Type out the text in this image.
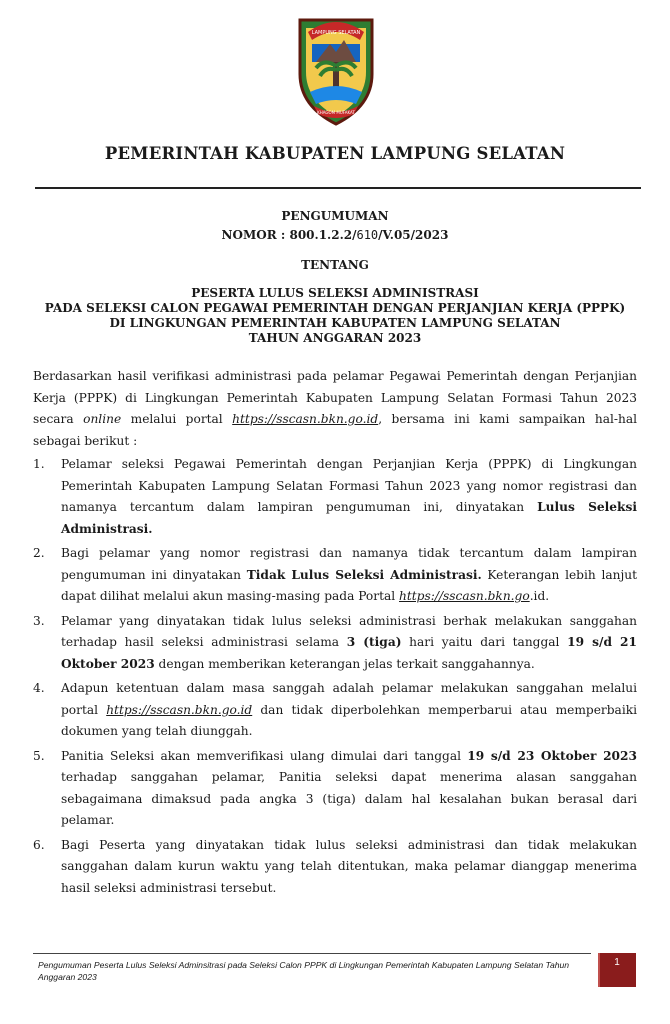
LAMPUNG SELATAN
KHAGOM MUFAKAT
PEMERINTAH KABUPATEN LAMPUNG SELATAN
PENGUMUMAN
NOMOR : 800.1.2.2/610/V.05/2023
TENTANG
PESERTA LULUS SELEKSI ADMINISTRASI
PADA SELEKSI CALON PEGAWAI PEMERINTAH DENGAN PERJANJIAN KERJA (PPPK)
DI LINGKUNGAN PEMERINTAH KABUPATEN LAMPUNG SELATAN
TAHUN ANGGARAN 2023
Berdasarkan hasil verifikasi administrasi pada pelamar Pegawai Pemerintah dengan Perjanjian Kerja (PPPK) di Lingkungan Pemerintah Kabupaten Lampung Selatan Formasi Tahun 2023 secara online melalui portal https://sscasn.bkn.go.id, bersama ini kami sampaikan hal-hal sebagai berikut :
1. Pelamar seleksi Pegawai Pemerintah dengan Perjanjian Kerja (PPPK) di Lingkungan Pemerintah Kabupaten Lampung Selatan Formasi Tahun 2023 yang nomor registrasi dan namanya tercantum dalam lampiran pengumuman ini, dinyatakan Lulus Seleksi Administrasi.
2. Bagi pelamar yang nomor registrasi dan namanya tidak tercantum dalam lampiran pengumuman ini dinyatakan Tidak Lulus Seleksi Administrasi. Keterangan lebih lanjut dapat dilihat melalui akun masing-masing pada Portal https://sscasn.bkn.go.id.
3. Pelamar yang dinyatakan tidak lulus seleksi administrasi berhak melakukan sanggahan terhadap hasil seleksi administrasi selama 3 (tiga) hari yaitu dari tanggal 19 s/d 21 Oktober 2023 dengan memberikan keterangan jelas terkait sanggahannya.
4. Adapun ketentuan dalam masa sanggah adalah pelamar melakukan sanggahan melalui portal https://sscasn.bkn.go.id dan tidak diperbolehkan memperbarui atau memperbaiki dokumen yang telah diunggah.
5. Panitia Seleksi akan memverifikasi ulang dimulai dari tanggal 19 s/d 23 Oktober 2023 terhadap sanggahan pelamar, Panitia seleksi dapat menerima alasan sanggahan sebagaimana dimaksud pada angka 3 (tiga) dalam hal kesalahan bukan berasal dari pelamar.
6. Bagi Peserta yang dinyatakan tidak lulus seleksi administrasi dan tidak melakukan sanggahan dalam kurun waktu yang telah ditentukan, maka pelamar dianggap menerima hasil seleksi administrasi tersebut.
Pengumuman Peserta Lulus Seleksi Adminsitrasi pada Seleksi Calon PPPK di Lingkungan Pemerintah Kabupaten Lampung Selatan Tahun Anggaran 2023
1
